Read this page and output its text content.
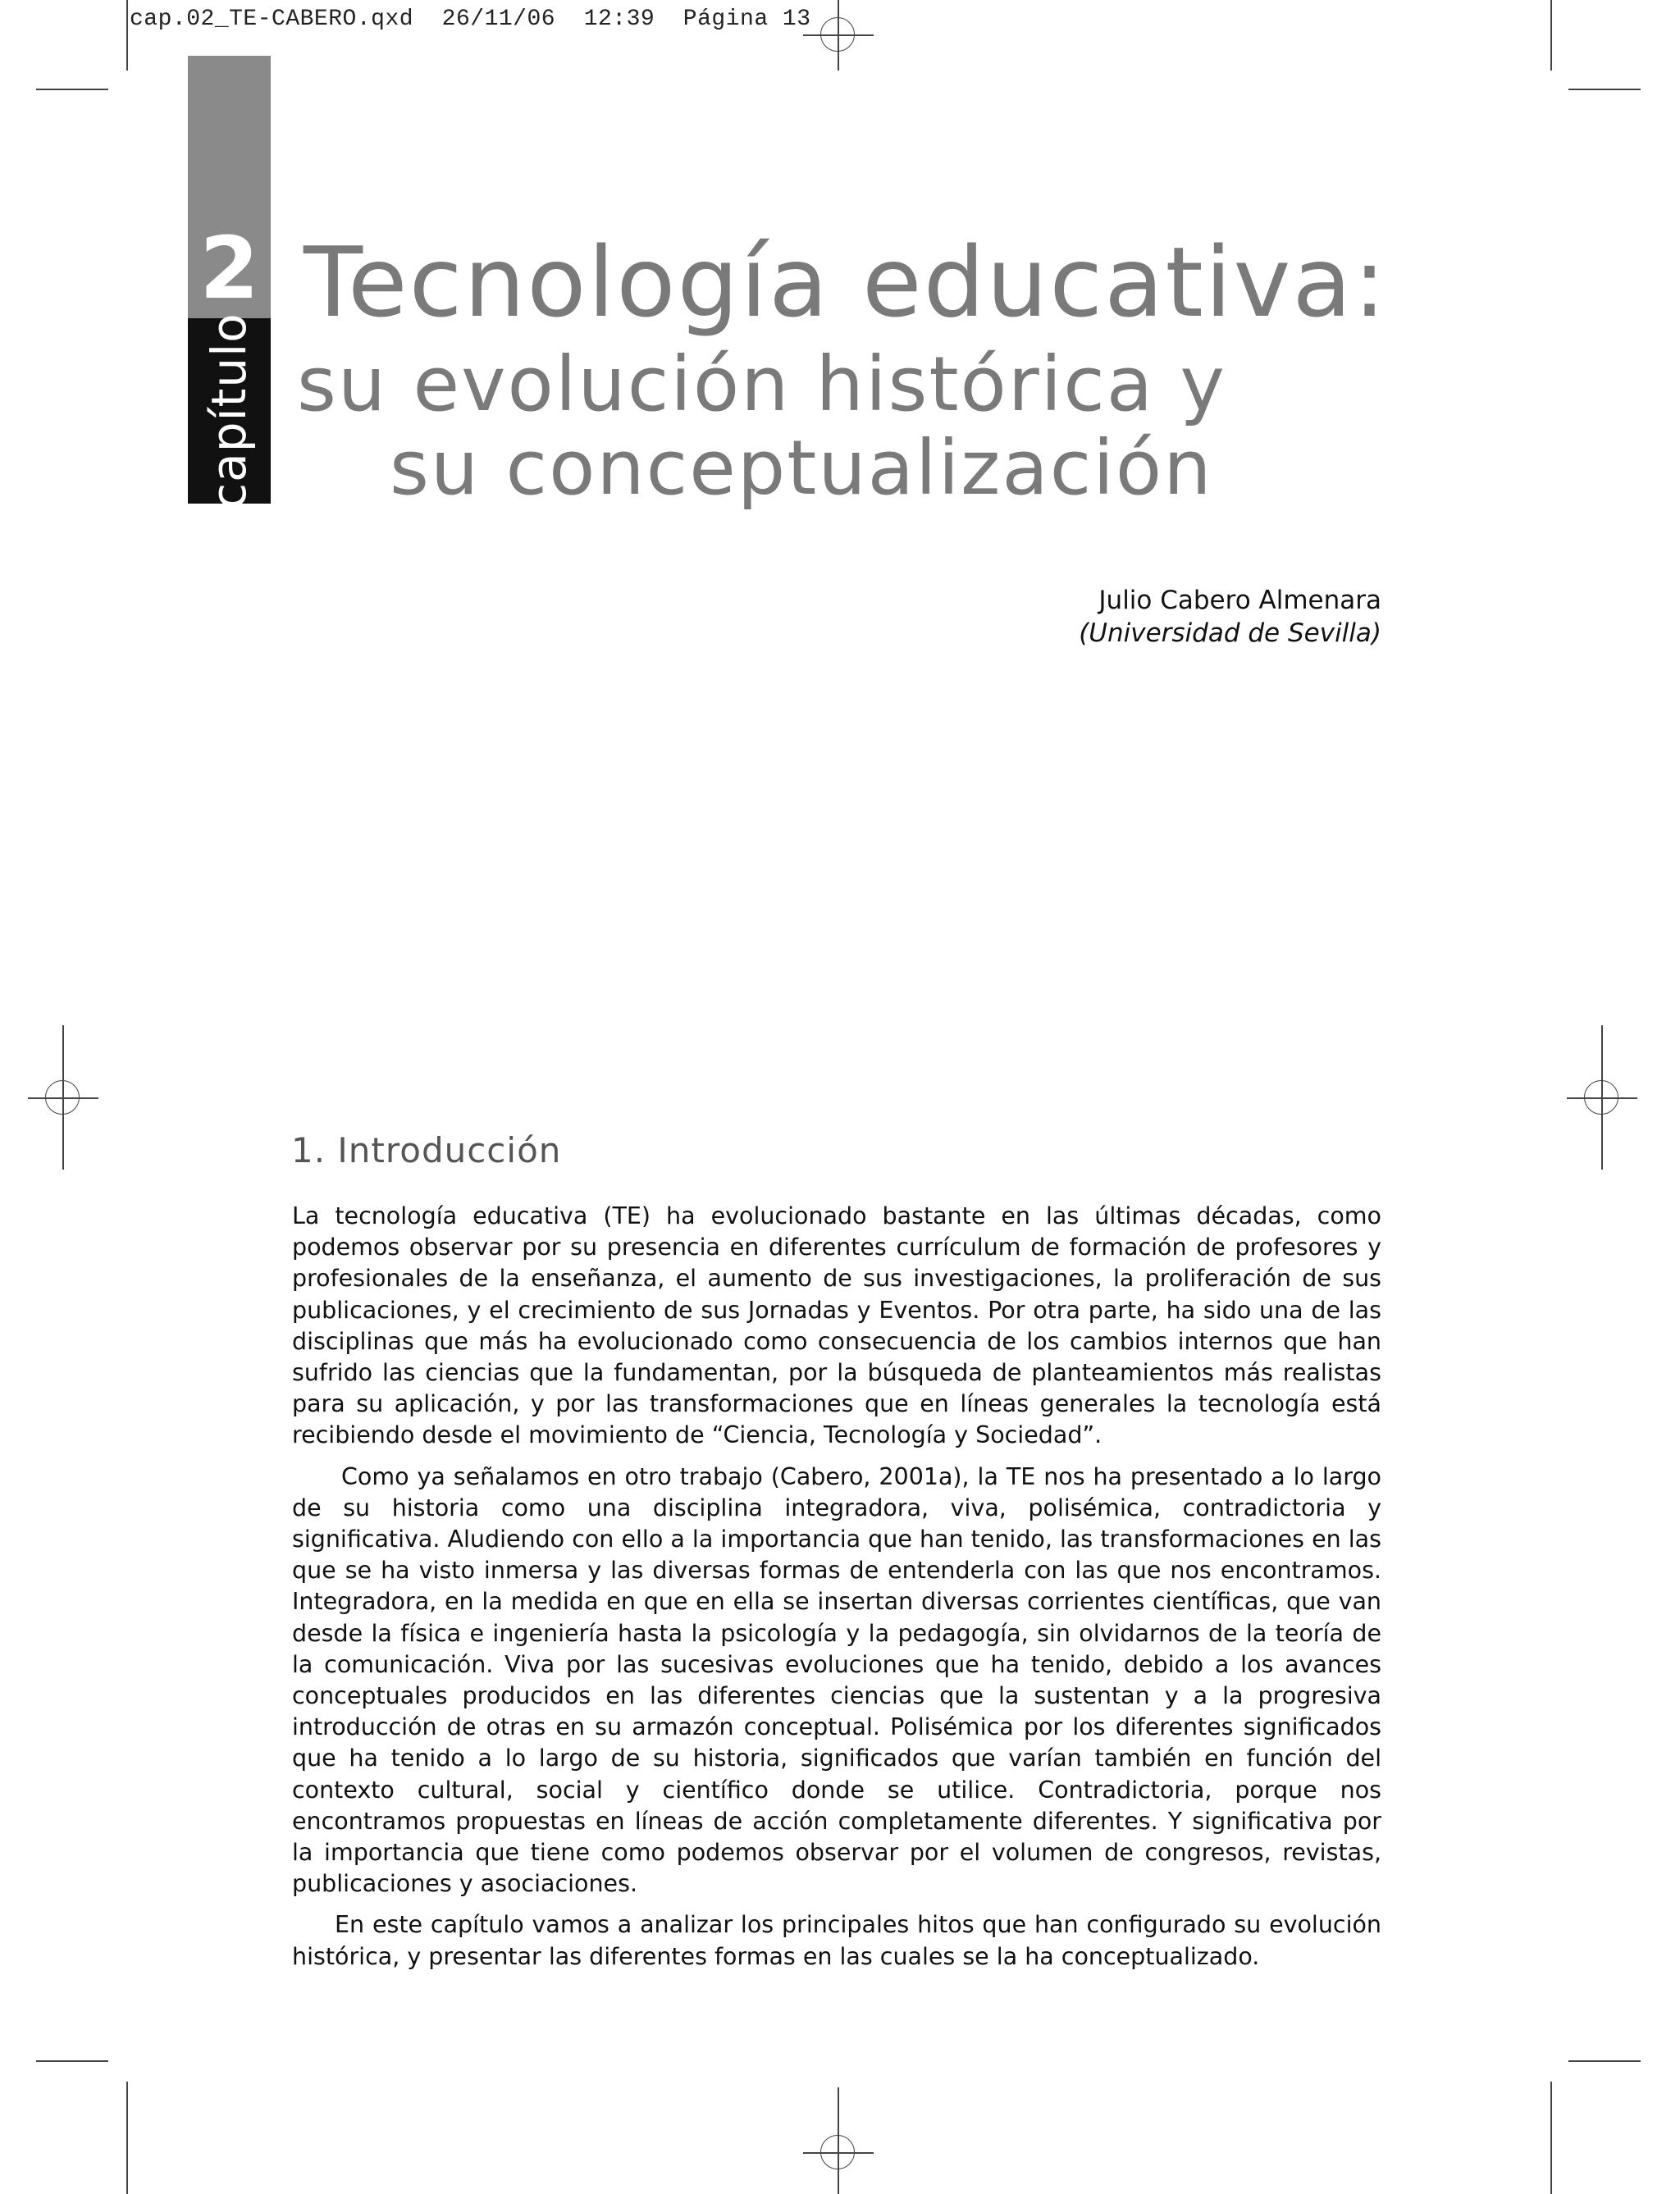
cap.02_TE-CABERO.qxd  26/11/06  12:39  Página 13
2
capítulo
Tecnología educativa:
su evolución histórica y
su conceptualización
Julio Cabero Almenara
(Universidad de Sevilla)
1. Introducción

La tecnología educativa (TE) ha evolucionado bastante en las últimas décadas, como podemos observar por su presencia en diferentes currículum de formación de profesores y profesionales de la enseñanza, el aumento de sus investigaciones, la proliferación de sus publicaciones, y el crecimiento de sus Jornadas y Eventos. Por otra parte, ha sido una de las disciplinas que más ha evolucionado como consecuencia de los cambios internos que han sufrido las ciencias que la fundamentan, por la búsqueda de planteamientos más realistas para su aplicación, y por las transformaciones que en líneas generales la tecnología está recibiendo desde el movimiento de “Ciencia, Tecnología y Sociedad”.

Como ya señalamos en otro trabajo (Cabero, 2001a), la TE nos ha presentado a lo largo de su historia como una disciplina integradora, viva, polisémica, contradictoria y significativa. Aludiendo con ello a la importancia que han tenido, las transformaciones en las que se ha visto inmersa y las diversas formas de entenderla con las que nos encontramos. Integradora, en la medida en que en ella se insertan diversas corrientes científicas, que van desde la física e ingeniería hasta la psicología y la pedagogía, sin olvidarnos de la teoría de la comunicación. Viva por las sucesivas evoluciones que ha tenido, debido a los avances conceptuales producidos en las diferentes ciencias que la sustentan y a la progresiva introducción de otras en su armazón conceptual. Polisémica por los diferentes significados que ha tenido a lo largo de su historia, significados que varían también en función del contexto cultural, social y científico donde se utilice. Contradictoria, porque nos encontramos propuestas en líneas de acción completamente diferentes. Y significativa por la importancia que tiene como podemos observar por el volumen de congresos, revistas, publicaciones y asociaciones.

En este capítulo vamos a analizar los principales hitos que han configurado su evolución histórica, y presentar las diferentes formas en las cuales se la ha conceptualizado.
